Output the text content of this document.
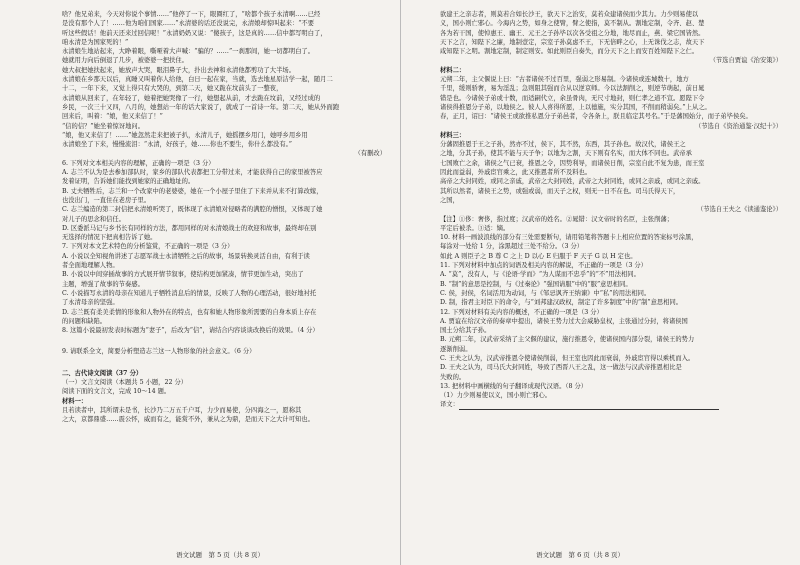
啥？他兄弟来，今天对你说个事情……”他停了一下，眼圈红了，“啥都个孩子永清啊……已经

是没有那个人了！……他为咱们国家……”永清婆的话还没说完，永清娘却惊叫起来：“不要

听这些假话！他前天还来过回信呢！”永清奶奶又说：“傻孩子，这是真的……信中都写明白了，

咱永清是为国家死的！”

永清娘生地站起来，大睁着眼，嘶哑着大声喊：“骗的？……”一刹那间，她一切都明白了。

她就用力向后倒退了几步，被婆婆一把扶住。

她大叔把她扶起来，她放声大哭，眼泪鼻子大，扑出去神和永清他都剪功了大半场。

永清娘在乡那天以后，真睡又叫着你人给他，白日一起在家，当就，选去地星原洁学一起，随月二

十二，一年下来，又觉上得只有大哭的，到第二天，她又跪在坟前头了一整夜，

永清娘从回来了，在年轻了，她着把她哭像了一行，她想起从前，才去跪在坟前，又经过成的

乡民，一次三十又四，八月的，她想站一年的话大家说了，就成了一首诗一年。第二天，她从外面跑

回来后，叫着：“娘，他又来信了！”

“信的信？”她坐着惊讶地问。

“娘，他又来信了！……”她忽然走来把被子扒，永清儿子，她摇摆乡用门，她呼乡用乡用

永清娘坐了下来，慢慢流泪：“永清，好孩子，她……你也不要生，你什么都没有。”

（有删改）

6. 下列对文本相关内容的理解，正确的一项是（3 分）

A. 志兰不认为是去参加部队时，家乡的部队代表都把工分带过来，才能获得自己的家里被答应

发着证明，告诉她们能找到她家的正确地址的。

B. 丈夫牺牲后，志兰和一个改家中的老婆婆，她在一个小屋子里住了下来并从来不打算改嫁，

也没出门，一直住在老房子里。

C. 志兰编造的第二封信把永清娘听哭了，既体现了永清娘对侵略者的满腔的憎恨，又体现了她

对儿子的思念和信任。

D. 区委派马记与乡书长有同样的方法，都用同样的对永清娘战士的欢迎和故事，最终却在别

无选择的情况下把真相告诉了她。

7. 下列对本文艺术特色的分析鉴赏，不正确的一项是（3 分）

A. 小说以全知视角讲述了志愿军战士永清牺牲之后的故事，场景转换灵活自由，有利于读

者全面地理解人物。

B. 小说以中间穿插故事的方式展开情节叙事，使结构更加紧凑，情节更加生动，突出了

主题，增强了故事的节奏感。

C. 小说描写永清的母亲在知道儿子牺牲消息后的情景，反映了人物的心理活动，很好地衬托

了永清母亲的坚强。

D. 志兰既有柔美柔情的形象和人物外在的特点，也有和她人物形象所需要的自身本质上存在

的问题和缺陷。

8. 这篇小说最初发表时标题为“妻子”，后改为“信”，请结合内容谈谈改换后的效果。（4 分）

9. 请联系全文，简要分析塑造志兰这一人物形象的社会意义。（6 分）

二、古代诗文阅读（37 分）

（一）文言文阅读（本题共 5 小题，22 分）

阅读下面的文言文，完成 10～14 题。

材料一：

且若读者中，其所谓未是书，长沙乃二万五千户耳，力少而易使，分四海之一，愿称其

之大，京都鼎盛……震公怀，威而有之，能赏不外，兼从之为鼎，是而天下之大计可知也。

语文试题　第 5 页（共 8 页）

欲建王之亲志者，则莫若合如长沙王，欲天下之治安，莫若众建诸侯而少其力。力少则易使以

义，国小则亡邪心。今海内之势，如身之使臂，臂之使指，莫不制从。割地定制，令齐、赵、楚

各为若干国，使悼惠王、幽王、元王之子孙毕以次各受祖之分地，地尽而止，燕、梁它国皆然。

天下之言，知陛下之廉，地制壹定，宗室子孙莫虑不王，下无倍畔之心，上无诛伐之志，故天下

咸知陛下之明。割地定制，制定则安。如此则臣自奏失，而分天下之上而安百姓知陛下之仁。

（节选自贾谊《治安策》）

材料二：

元朔二年，主父偃说上曰：“古者诸侯不过百里，强弱之形易制。今诸侯或连城数十，地方

千里，缓则骄奢，易为淫乱；急则阻其强而合从以逆京师。今以法割削之，则逆节萌起，前日晁

错是也。今诸侯子弟或十数，而适嗣代立，余虽骨肉，无尺寸地封，则仁孝之道不宣。愿陛下令

诸侯得推恩分子弟，以地侯之。彼人人喜得所愿，上以德施，实分其国，不削而稍弱矣。”上从之。

春，正月，诏曰：“诸侯王或欲推私恩分子弟邑者，令各条上，朕且临定其号名。”于是藩国始分，而子弟毕侯矣。

（节选自《资治通鉴·汉纪十》）

材料三：

分藩固推恩于王之子孙，然亦不过，侯下，其不然，东西，其子孙也。故汉代，诸侯王之

之地，分其子孙，使其不能与天子争；以地为之割，天下则有名实，而大体不同也。武帝承

七国败亡之余，诸侯之气已衰，推恩之令，因势利导，而诸侯日削，宗室自此不复为患，而王室

因此而益弱，外戚宦官乘之，此又推恩者所不及料也。

高帝之大封同姓，或同之亲戚，武帝之大封同姓，武帝之大封同姓，或同之亲戚，或同之亲戚。

其所以然者，诸侯王之势，或强或弱，而天子之权，则无一日不在也。司马氏得天下，

之国，

（节选自王夫之《读通鉴论》）

【注】①侈：奢侈，指过度；汉武帝的姓名。②晁错：汉文帝时的名臣，主张削藩；

平定后被杀。③适：嫡。

10. 材料一画波浪线的部分有三处需要断句，请用铅笔将答题卡上相应位置的答案标号涂黑，

每涂对一处给 1 分，涂黑超过三处不给分。（3 分）

如此 A 则臣子之 B 尊 C 之上 D 以心 E 归服于 F 天子 G 以 H 定也。

11. 下列对材料中加点的词语及相关内容的解说，不正确的一项是（3 分）

A. “莫”，没有人，与《论语·学而》“为人谋而不忠乎”的“不”用法相同。

B. “制”的意思是控制，与《过秦论》“强国请服”中的“服”意思相同。

C. 侯，封侯，名词活用为动词，与《邹忌讽齐王纳谏》中“私”的用法相同。

D. 制，指君主对臣下的命令，与“刘邦建汉政权，制定了许多制度”中的“制”意思相同。

12. 下列对材料有关内容的概述，不正确的一项是（3 分）

A. 贾谊在给汉文帝的奏章中提出，诸侯王势力过大会威胁皇权，主张通过分封，将诸侯国

国土分给其子孙。

B. 元朔二年，汉武帝采纳了主父偃的建议，施行推恩令，使诸侯国内部分裂，诸侯王的势力

逐渐削弱。

C. 王夫之认为，汉武帝推恩令使诸侯削弱，但王室也因此而衰弱，外戚宦官得以乘机而入。

D. 王夫之认为，司马氏大封同姓，导致了西晋八王之乱，这一做法与汉武帝推恩相比是

失败的。

13. 把材料中画横线的句子翻译成现代汉语。（8 分）

（1）力少则易使以义，国小则亡邪心。

译文：

语文试题　第 6 页（共 8 页）
